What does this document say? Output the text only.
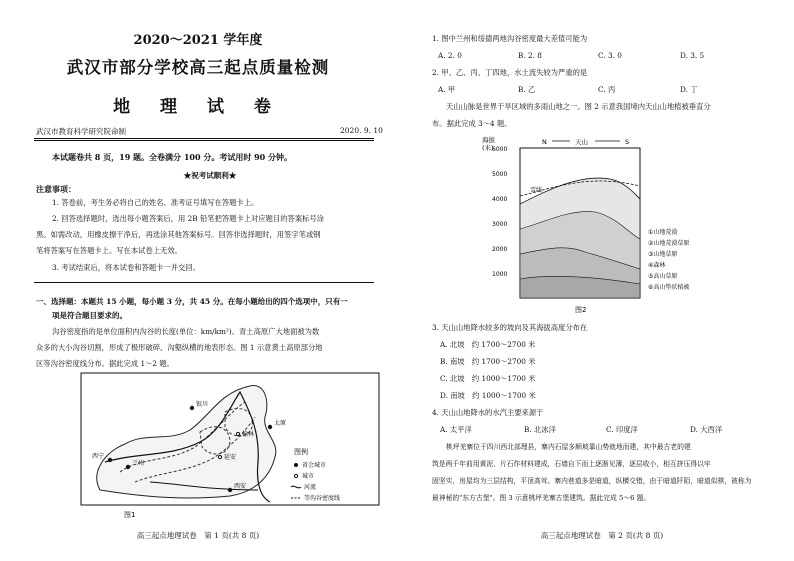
2020～2021 学年度
武汉市部分学校高三起点质量检测
地 理 试 卷
武汉市教育科学研究院命制	2020. 9. 10
本试题卷共 8 页，19 题。全卷满分 100 分。考试用时 90 分钟。
★祝考试顺利★
注意事项：
1. 答卷前，考生务必将自己的姓名、准考证号填写在答题卡上。
2. 回答选择题时，选出每小题答案后，用 2B 铅笔把答题卡上对应题目的答案标号涂
黑。如需改动，用橡皮擦干净后，再选涂其他答案标号。回答非选择题时，用签字笔或钢
笔将答案写在答题卡上。写在本试卷上无效。
3. 考试结束后，将本试卷和答题卡一并交回。
一、选择题：本题共 15 小题，每小题 3 分，共 45 分。在每小题给出的四个选项中，只有一
项是符合题目要求的。
沟谷密度指的是单位面积内沟谷的长度(单位：km/km²)。青土高原广大地面被为数
众多的大小沟谷切割，形成了极形破碎、沟壑纵横的地表形态。图 1 示意黄土高原部分地
区等沟谷密度线分布。据此完成 1～2 题。
兰州
西宁
榆林
西安
延安
银川
太原
图例
省会城市
城市
河流
等沟谷密度线
图1
高三起点地理试卷　第 1 页(共 8 页)
1. 图中兰州和绥德两地沟谷密度最大差值可能为
A. 2. 0	B. 2. 8	C. 3. 0	D. 3. 5
2. 甲、乙、丙、丁四地，水土流失较为严重的是
A. 甲	B. 乙	C. 丙	D. 丁
天山山脉是世界干旱区域的多雨山地之一。图 2 示意我国境内天山山地植被垂直分
布。据此完成 3～4 题。
海拔
(米)
N	天山	S
6000
5000
4000
3000
2000
1000
雪线
①山地荒漠
②山地荒漠草原
③山地草原
④森林
⑤高山草原
⑥高山垫状植被
图2
3. 天山山地降水较多的坡向及其海拔高度分布在
A. 北坡　约 1700～2700 米
B. 南坡　约 1700～2700 米
C. 北坡　约 1000～1700 米
D. 南坡　约 1000～1700 米
4. 天山山地降水的水汽主要来源于
A. 太平洋	B. 北冰洋	C. 印度洋	D. 大西洋
桃坪羌寨位于四川西北部理县，寨内石屋多顺坡靠山势就地而建，其中最古老的建
筑是两千年前用黄泥、片石作材料建成，石墙自下而上逐渐见薄，逐层收小，相互挤压得以牢
固坚实，房屋均为三层结构，平顶高耸。寨内巷道多是暗道，纵横交错，由于暗道阡陌，暗道似棋，被称为
最神秘的"东方古堡"。图 3 示意桃坪羌寨古堡建筑。据此完成 5～6 题。
高三起点地理试卷　第 2 页(共 8 页)
